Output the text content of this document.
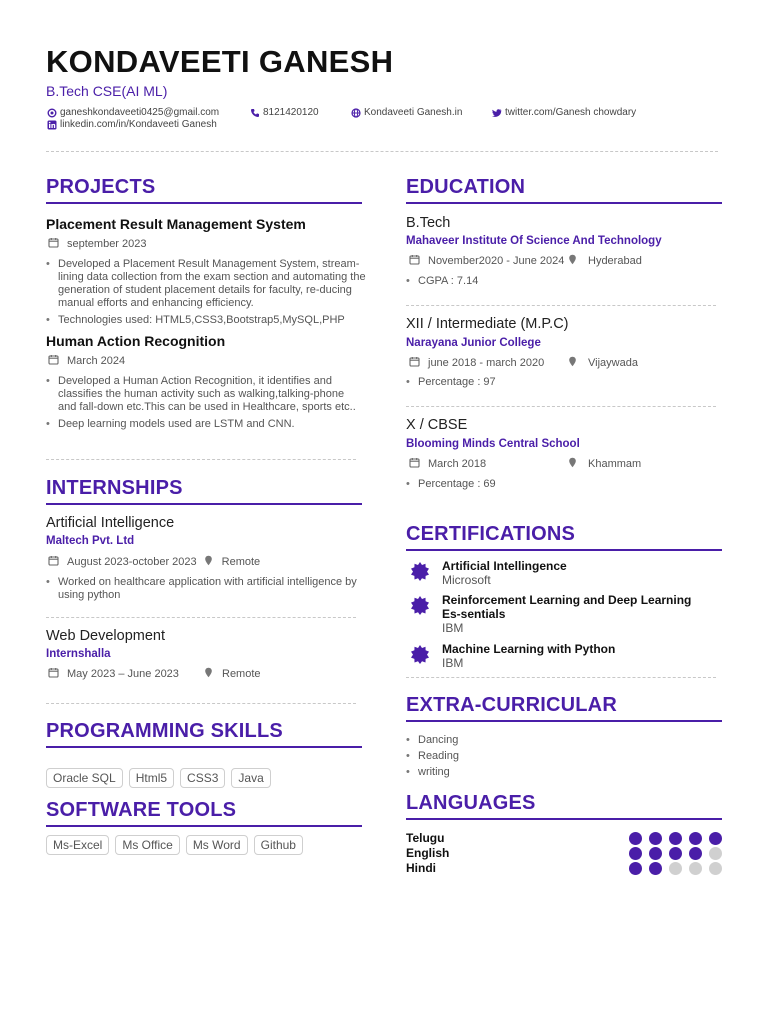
KONDAVEETI GANESH
B.Tech CSE(AI ML)
ganeshkondaveeti0425@gmail.com	8121420120	Kondaveeti Ganesh.in	twitter.com/Ganesh chowdary
linkedin.com/in/Kondaveeti Ganesh
PROJECTS
Placement Result Management System
september 2023
• Developed a Placement Result Management System, stream-lining data collection from the exam section and automating the generation of student placement details for faculty, re-ducing manual efforts and enhancing efficiency.
• Technologies used: HTML5,CSS3,Bootstrap5,MySQL,PHP
Human Action Recognition
March 2024
• Developed a Human Action Recognition, it identifies and classifies the human activity such as walking,talking-phone and fall-down etc.This can be used in Healthcare, sports etc..
• Deep learning models used are LSTM and CNN.
INTERNSHIPS
Artificial Intelligence
Maltech Pvt. Ltd
August 2023-october 2023 Remote
• Worked on healthcare application with artificial intelligence by using python
Web Development
Internshalla
May 2023 – June 2023	Remote
PROGRAMMING SKILLS
Oracle SQL	Html5	CSS3	Java
SOFTWARE TOOLS
Ms-Excel	Ms Office	Ms Word	Github
EDUCATION
B.Tech
Mahaveer Institute Of Science And Technology
November2020 - June 2024 Hyderabad
• CGPA : 7.14
XII / Intermediate (M.P.C)
Narayana Junior College
june 2018 - march 2020	Vijaywada
• Percentage : 97
X / CBSE
Blooming Minds Central School
March 2018	Khammam
• Percentage : 69
CERTIFICATIONS
Artificial Intellingence
Microsoft
Reinforcement Learning and Deep Learning Es-sentials
IBM
Machine Learning with Python
IBM
EXTRA-CURRICULAR
• Dancing
• Reading
• writing
LANGUAGES
Telugu
English
Hindi
